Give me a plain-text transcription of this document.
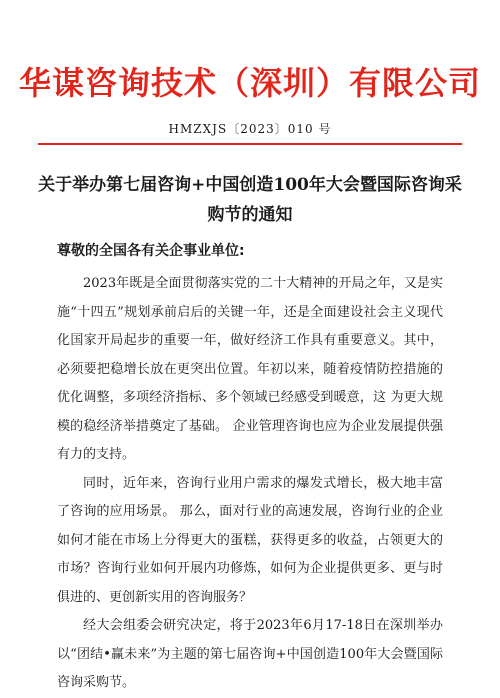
华谋咨询技术（深圳）有限公司
HMZXJS〔2023〕010 号
关于举办第七届咨询+中国创造100年大会暨国际咨询采购节的通知
尊敬的全国各有关企事业单位:

2023年既是全面贯彻落实党的二十大精神的开局之年，又是实施“十四五”规划承前启后的关键一年，还是全面建设社会主义现代化国家开局起步的重要一年，做好经济工作具有重要意义。其中，必须要把稳增长放在更突出位置。年初以来，随着疫情防控措施的优化调整，多项经济指标、多个领域已经感受到暖意，这 为更大规模的稳经济举措奠定了基础。 企业管理咨询也应为企业发展提供强有力的支持。

同时，近年来，咨询行业用户需求的爆发式增长，极大地丰富了咨询的应用场景。 那么，面对行业的高速发展，咨询行业的企业如何才能在市场上分得更大的蛋糕，获得更多的收益，占领更大的市场？咨询行业如何开展内功修炼，如何为企业提供更多、更与时俱进的、更创新实用的咨询服务？

经大会组委会研究决定，将于2023年6月17-18日在深圳举办以“团结•赢未来”为主题的第七届咨询+中国创造100年大会暨国际咨询采购节。
